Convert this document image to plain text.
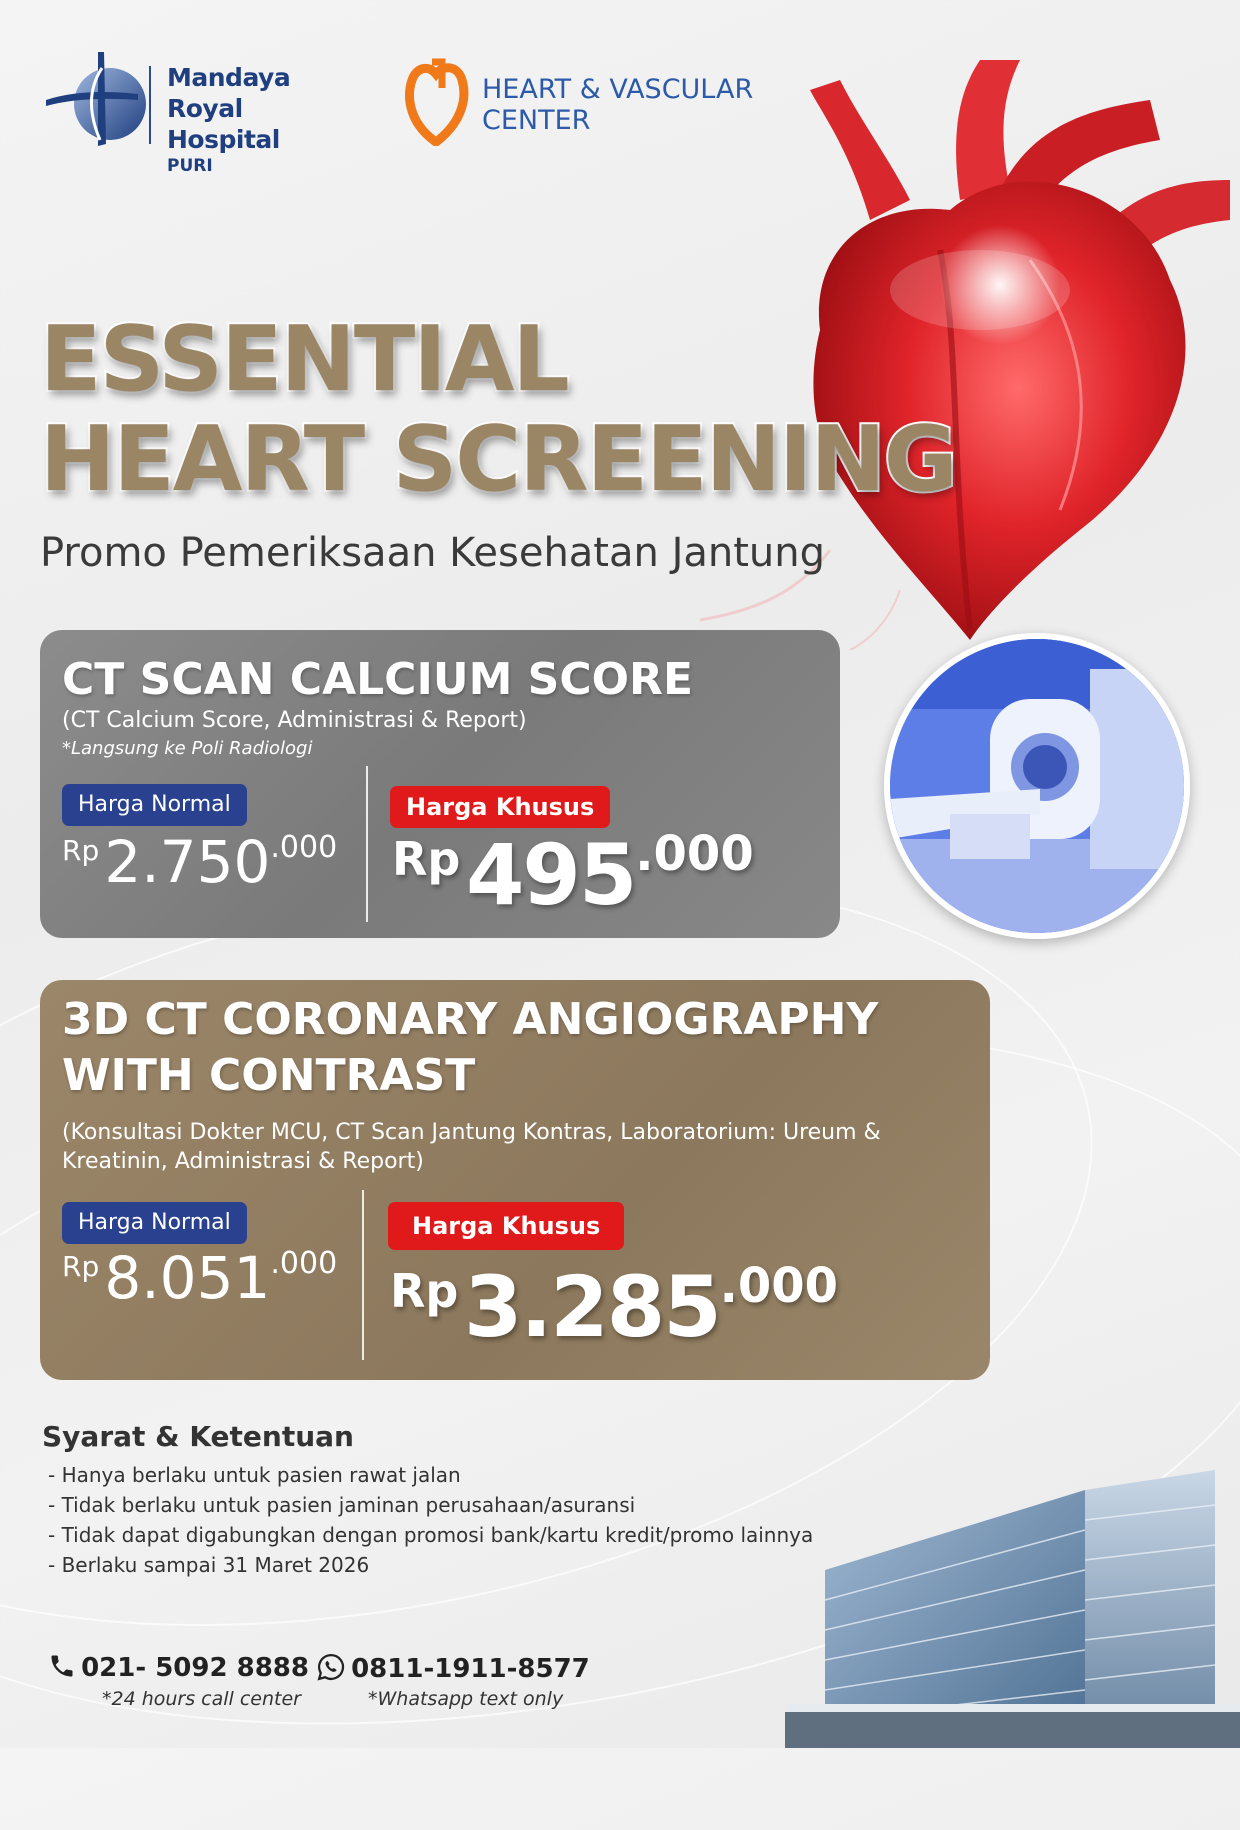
Mandaya
Royal Hospital
PURI
HEART & VASCULAR
CENTER
ESSENTIAL
HEART SCREENING
Promo Pemeriksaan Kesehatan Jantung
CT SCAN CALCIUM SCORE
(CT Calcium Score, Administrasi & Report)
*Langsung ke Poli Radiologi
Harga Normal
Rp 2.750.000
Harga Khusus
Rp 495.000
3D CT CORONARY ANGIOGRAPHY
WITH CONTRAST
(Konsultasi Dokter MCU, CT Scan Jantung Kontras, Laboratorium: Ureum &
Kreatinin, Administrasi & Report)
Harga Normal
Rp 8.051.000
Harga Khusus
Rp 3.285.000
Syarat & Ketentuan
- Hanya berlaku untuk pasien rawat jalan
- Tidak berlaku untuk pasien jaminan perusahaan/asuransi
- Tidak dapat digabungkan dengan promosi bank/kartu kredit/promo lainnya
- Berlaku sampai 31 Maret 2026
021- 5092 8888
*24 hours call center
0811-1911-8577
*Whatsapp text only
